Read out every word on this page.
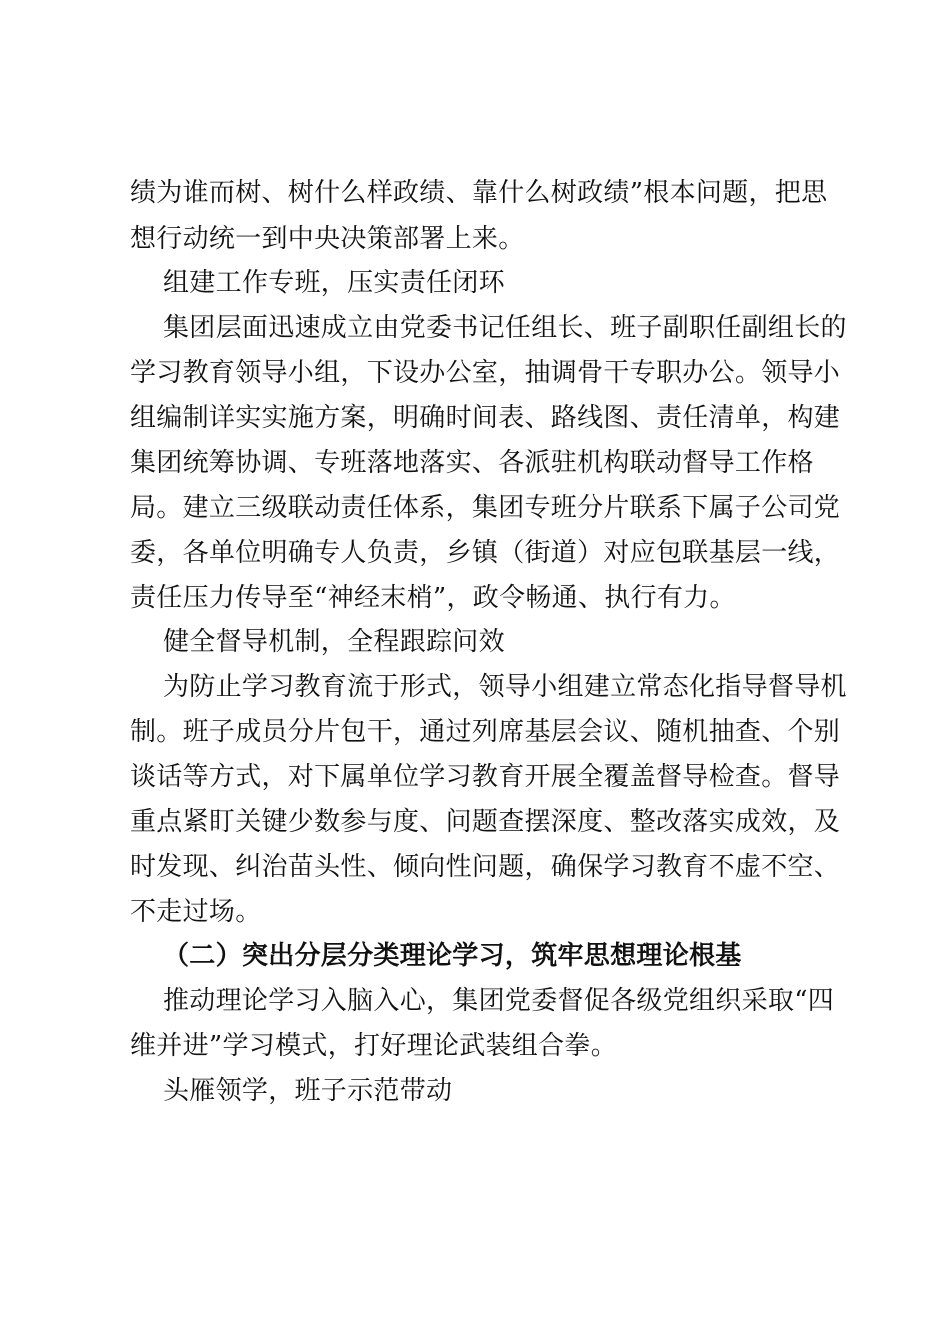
绩为谁而树、树什么样政绩、靠什么树政绩”根本问题，把思
想行动统一到中央决策部署上来。
组建工作专班，压实责任闭环
集团层面迅速成立由党委书记任组长、班子副职任副组长的
学习教育领导小组，下设办公室，抽调骨干专职办公。领导小
组编制详实实施方案，明确时间表、路线图、责任清单，构建
集团统筹协调、专班落地落实、各派驻机构联动督导工作格
局。建立三级联动责任体系，集团专班分片联系下属子公司党
委，各单位明确专人负责，乡镇（街道）对应包联基层一线，
责任压力传导至“神经末梢”，政令畅通、执行有力。
健全督导机制，全程跟踪问效
为防止学习教育流于形式，领导小组建立常态化指导督导机
制。班子成员分片包干，通过列席基层会议、随机抽查、个别
谈话等方式，对下属单位学习教育开展全覆盖督导检查。督导
重点紧盯关键少数参与度、问题查摆深度、整改落实成效，及
时发现、纠治苗头性、倾向性问题，确保学习教育不虚不空、
不走过场。
（二）突出分层分类理论学习，筑牢思想理论根基
推动理论学习入脑入心，集团党委督促各级党组织采取“四
维并进”学习模式，打好理论武装组合拳。
头雁领学，班子示范带动
